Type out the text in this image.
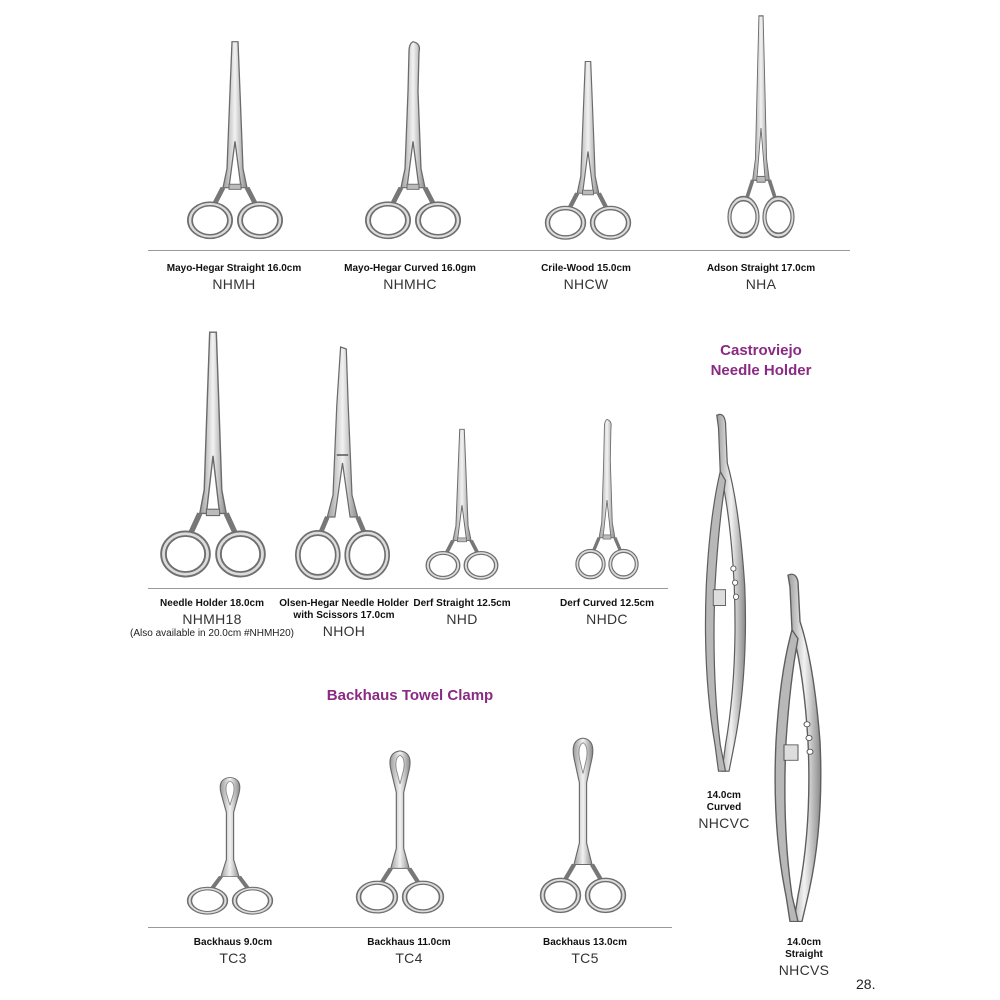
Mayo-Hegar Straight 16.0cm
NHMH
Mayo-Hegar Curved 16.0gm
NHMHC
Crile-Wood 15.0cm
NHCW
Adson Straight 17.0cm
NHA
Needle Holder 18.0cm
NHMH18
(Also available in 20.0cm #NHMH20)
Olsen-Hegar Needle Holder
with Scissors 17.0cm
NHOH
Derf Straight 12.5cm
NHD
Derf Curved 12.5cm
NHDC
Castroviejo
Needle Holder
14.0cm
Curved
NHCVC
14.0cm
Straight
NHCVS
Backhaus Towel Clamp
Backhaus 9.0cm
TC3
Backhaus 11.0cm
TC4
Backhaus 13.0cm
TC5
28.
